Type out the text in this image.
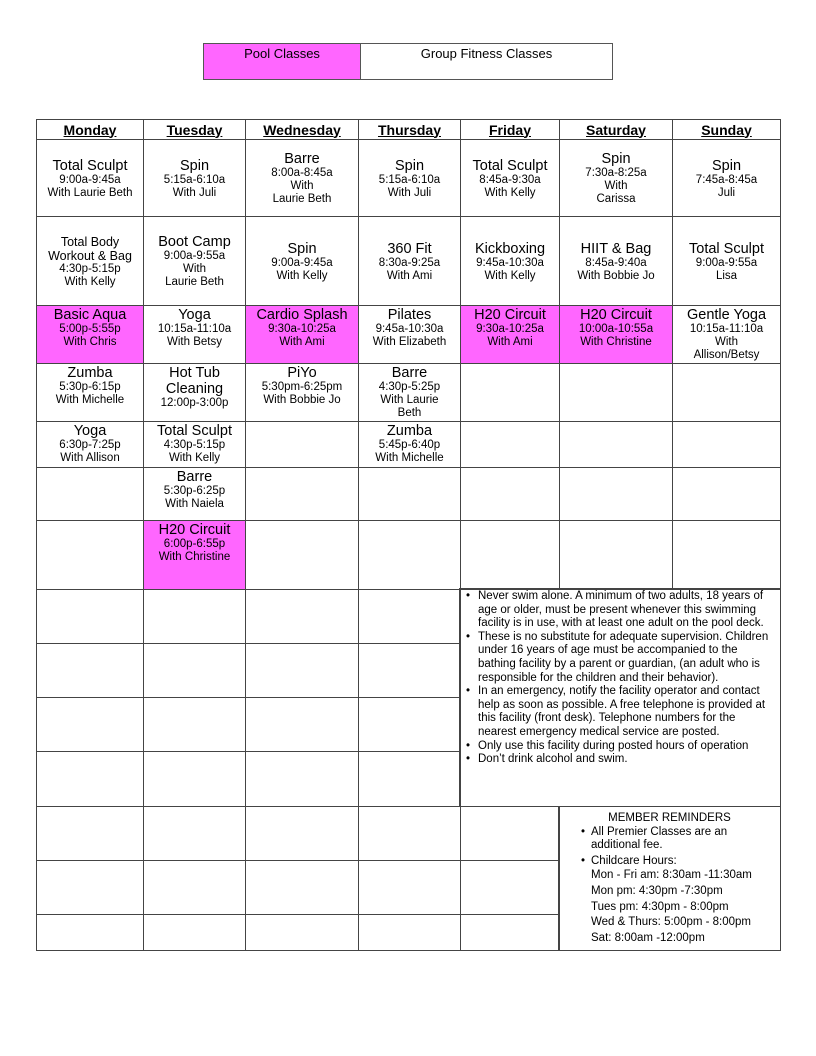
Pool Classes	Group Fitness Classes
Monday
Total Sculpt
9:00a-9:45a
With Laurie Beth
Total Body Workout & Bag
4:30p-5:15p
With Kelly
Basic Aqua
5:00p-5:55p
With Chris
Zumba
5:30p-6:15p
With Michelle
Yoga
6:30p-7:25p
With Allison
Tuesday
Spin
5:15a-6:10a
With Juli
Boot Camp
9:00a-9:55a
With
Laurie Beth
Yoga
10:15a-11:10a
With Betsy
Hot Tub Cleaning
12:00p-3:00p
Total Sculpt
4:30p-5:15p
With Kelly
Barre
5:30p-6:25p
With Naiela
H20 Circuit
6:00p-6:55p
With Christine
Wednesday
Barre
8:00a-8:45a
With
Laurie Beth
Spin
9:00a-9:45a
With Kelly
Cardio Splash
9:30a-10:25a
With Ami
PiYo
5:30pm-6:25pm
With Bobbie Jo
Thursday
Spin
5:15a-6:10a
With Juli
360 Fit
8:30a-9:25a
With Ami
Pilates
9:45a-10:30a
With Elizabeth
Barre
4:30p-5:25p
With Laurie
Beth
Zumba
5:45p-6:40p
With Michelle
Friday
Total Sculpt
8:45a-9:30a
With Kelly
Kickboxing
9:45a-10:30a
With Kelly
H20 Circuit
9:30a-10:25a
With Ami
Saturday
Spin
7:30a-8:25a
With
Carissa
HIIT & Bag
8:45a-9:40a
With Bobbie Jo
H20 Circuit
10:00a-10:55a
With Christine
Sunday
Spin
7:45a-8:45a
Juli
Total Sculpt
9:00a-9:55a
Lisa
Gentle Yoga
10:15a-11:10a
With
Allison/Betsy
• Never swim alone. A minimum of two adults, 18 years of age or older, must be present whenever this swimming facility is in use, with at least one adult on the pool deck.
• These is no substitute for adequate supervision. Children under 16 years of age must be accompanied to the bathing facility by a parent or guardian, (an adult who is responsible for the children and their behavior).
• In an emergency, notify the facility operator and contact help as soon as possible. A free telephone is provided at this facility (front desk). Telephone numbers for the nearest emergency medical service are posted.
• Only use this facility during posted hours of operation
• Don’t drink alcohol and swim.
MEMBER REMINDERS
• All Premier Classes are an additional fee.
• Childcare Hours:
Mon - Fri am: 8:30am -11:30am
Mon pm: 4:30pm -7:30pm
Tues pm: 4:30pm - 8:00pm
Wed & Thurs: 5:00pm - 8:00pm
Sat: 8:00am -12:00pm
